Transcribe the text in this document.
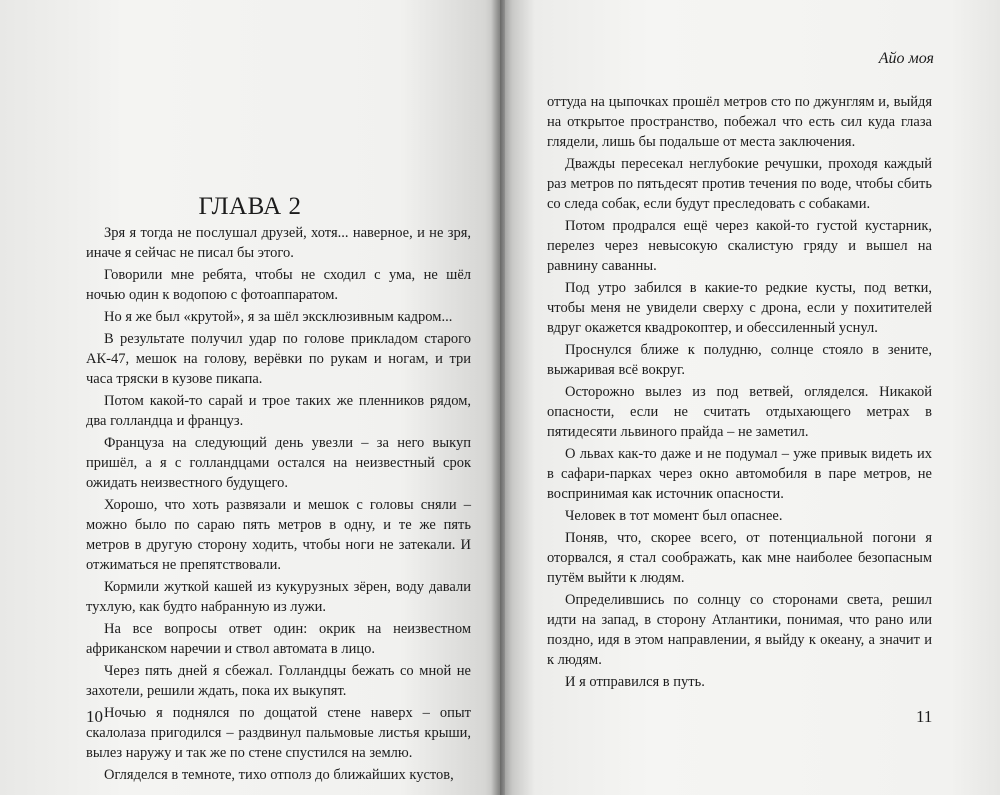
ГЛАВА 2

Зря я тогда не послушал друзей, хотя... наверное, и не зря, иначе я сейчас не писал бы этого.

Говорили мне ребята, чтобы не сходил с ума, не шёл ночью один к водопою с фотоаппаратом.

Но я же был «крутой», я за шёл эксклюзивным кадром...

В результате получил удар по голове прикладом старого АК-47, мешок на голову, верёвки по рукам и ногам, и три часа тряски в кузове пикапа.

Потом какой-то сарай и трое таких же пленников рядом, два голландца и француз.

Француза на следующий день увезли – за него выкуп пришёл, а я с голландцами остался на неизвестный срок ожидать неизвестного будущего.

Хорошо, что хоть развязали и мешок с головы сняли – можно было по сараю пять метров в одну, и те же пять метров в другую сторону ходить, чтобы ноги не затекали. И отжиматься не препятствовали.

Кормили жуткой кашей из кукурузных зёрен, воду давали тухлую, как будто набранную из лужи.

На все вопросы ответ один: окрик на неизвестном африканском наречии и ствол автомата в лицо.

Через пять дней я сбежал. Голландцы бежать со мной не захотели, решили ждать, пока их выкупят.

Ночью я поднялся по дощатой стене наверх – опыт скалолаза пригодился – раздвинул пальмовые листья крыши, вылез наружу и так же по стене спустился на землю.

Огляделся в темноте, тихо отполз до ближайших кустов,

10
Айо моя
11

оттуда на цыпочках прошёл метров сто по джунглям и, выйдя на открытое пространство, побежал что есть сил куда глаза глядели, лишь бы подальше от места заключения.

Дважды пересекал неглубокие речушки, проходя каждый раз метров по пятьдесят против течения по воде, чтобы сбить со следа собак, если будут преследовать с собаками.

Потом продрался ещё через какой-то густой кустарник, перелез через невысокую скалистую гряду и вышел на равнину саванны.

Под утро забился в какие-то редкие кусты, под ветки, чтобы меня не увидели сверху с дрона, если у похитителей вдруг окажется квадрокоптер, и обессиленный уснул.

Проснулся ближе к полудню, солнце стояло в зените, выжаривая всё вокруг.

Осторожно вылез из под ветвей, огляделся. Никакой опасности, если не считать отдыхающего метрах в пятидесяти львиного прайда – не заметил.

О львах как-то даже и не подумал – уже привык видеть их в сафари-парках через окно автомобиля в паре метров, не воспринимая как источник опасности.

Человек в тот момент был опаснее.

Поняв, что, скорее всего, от потенциальной погони я оторвался, я стал соображать, как мне наиболее безопасным путём выйти к людям.

Определившись по солнцу со сторонами света, решил идти на запад, в сторону Атлантики, понимая, что рано или поздно, идя в этом направлении, я выйду к океану, а значит и к людям.

И я отправился в путь.
